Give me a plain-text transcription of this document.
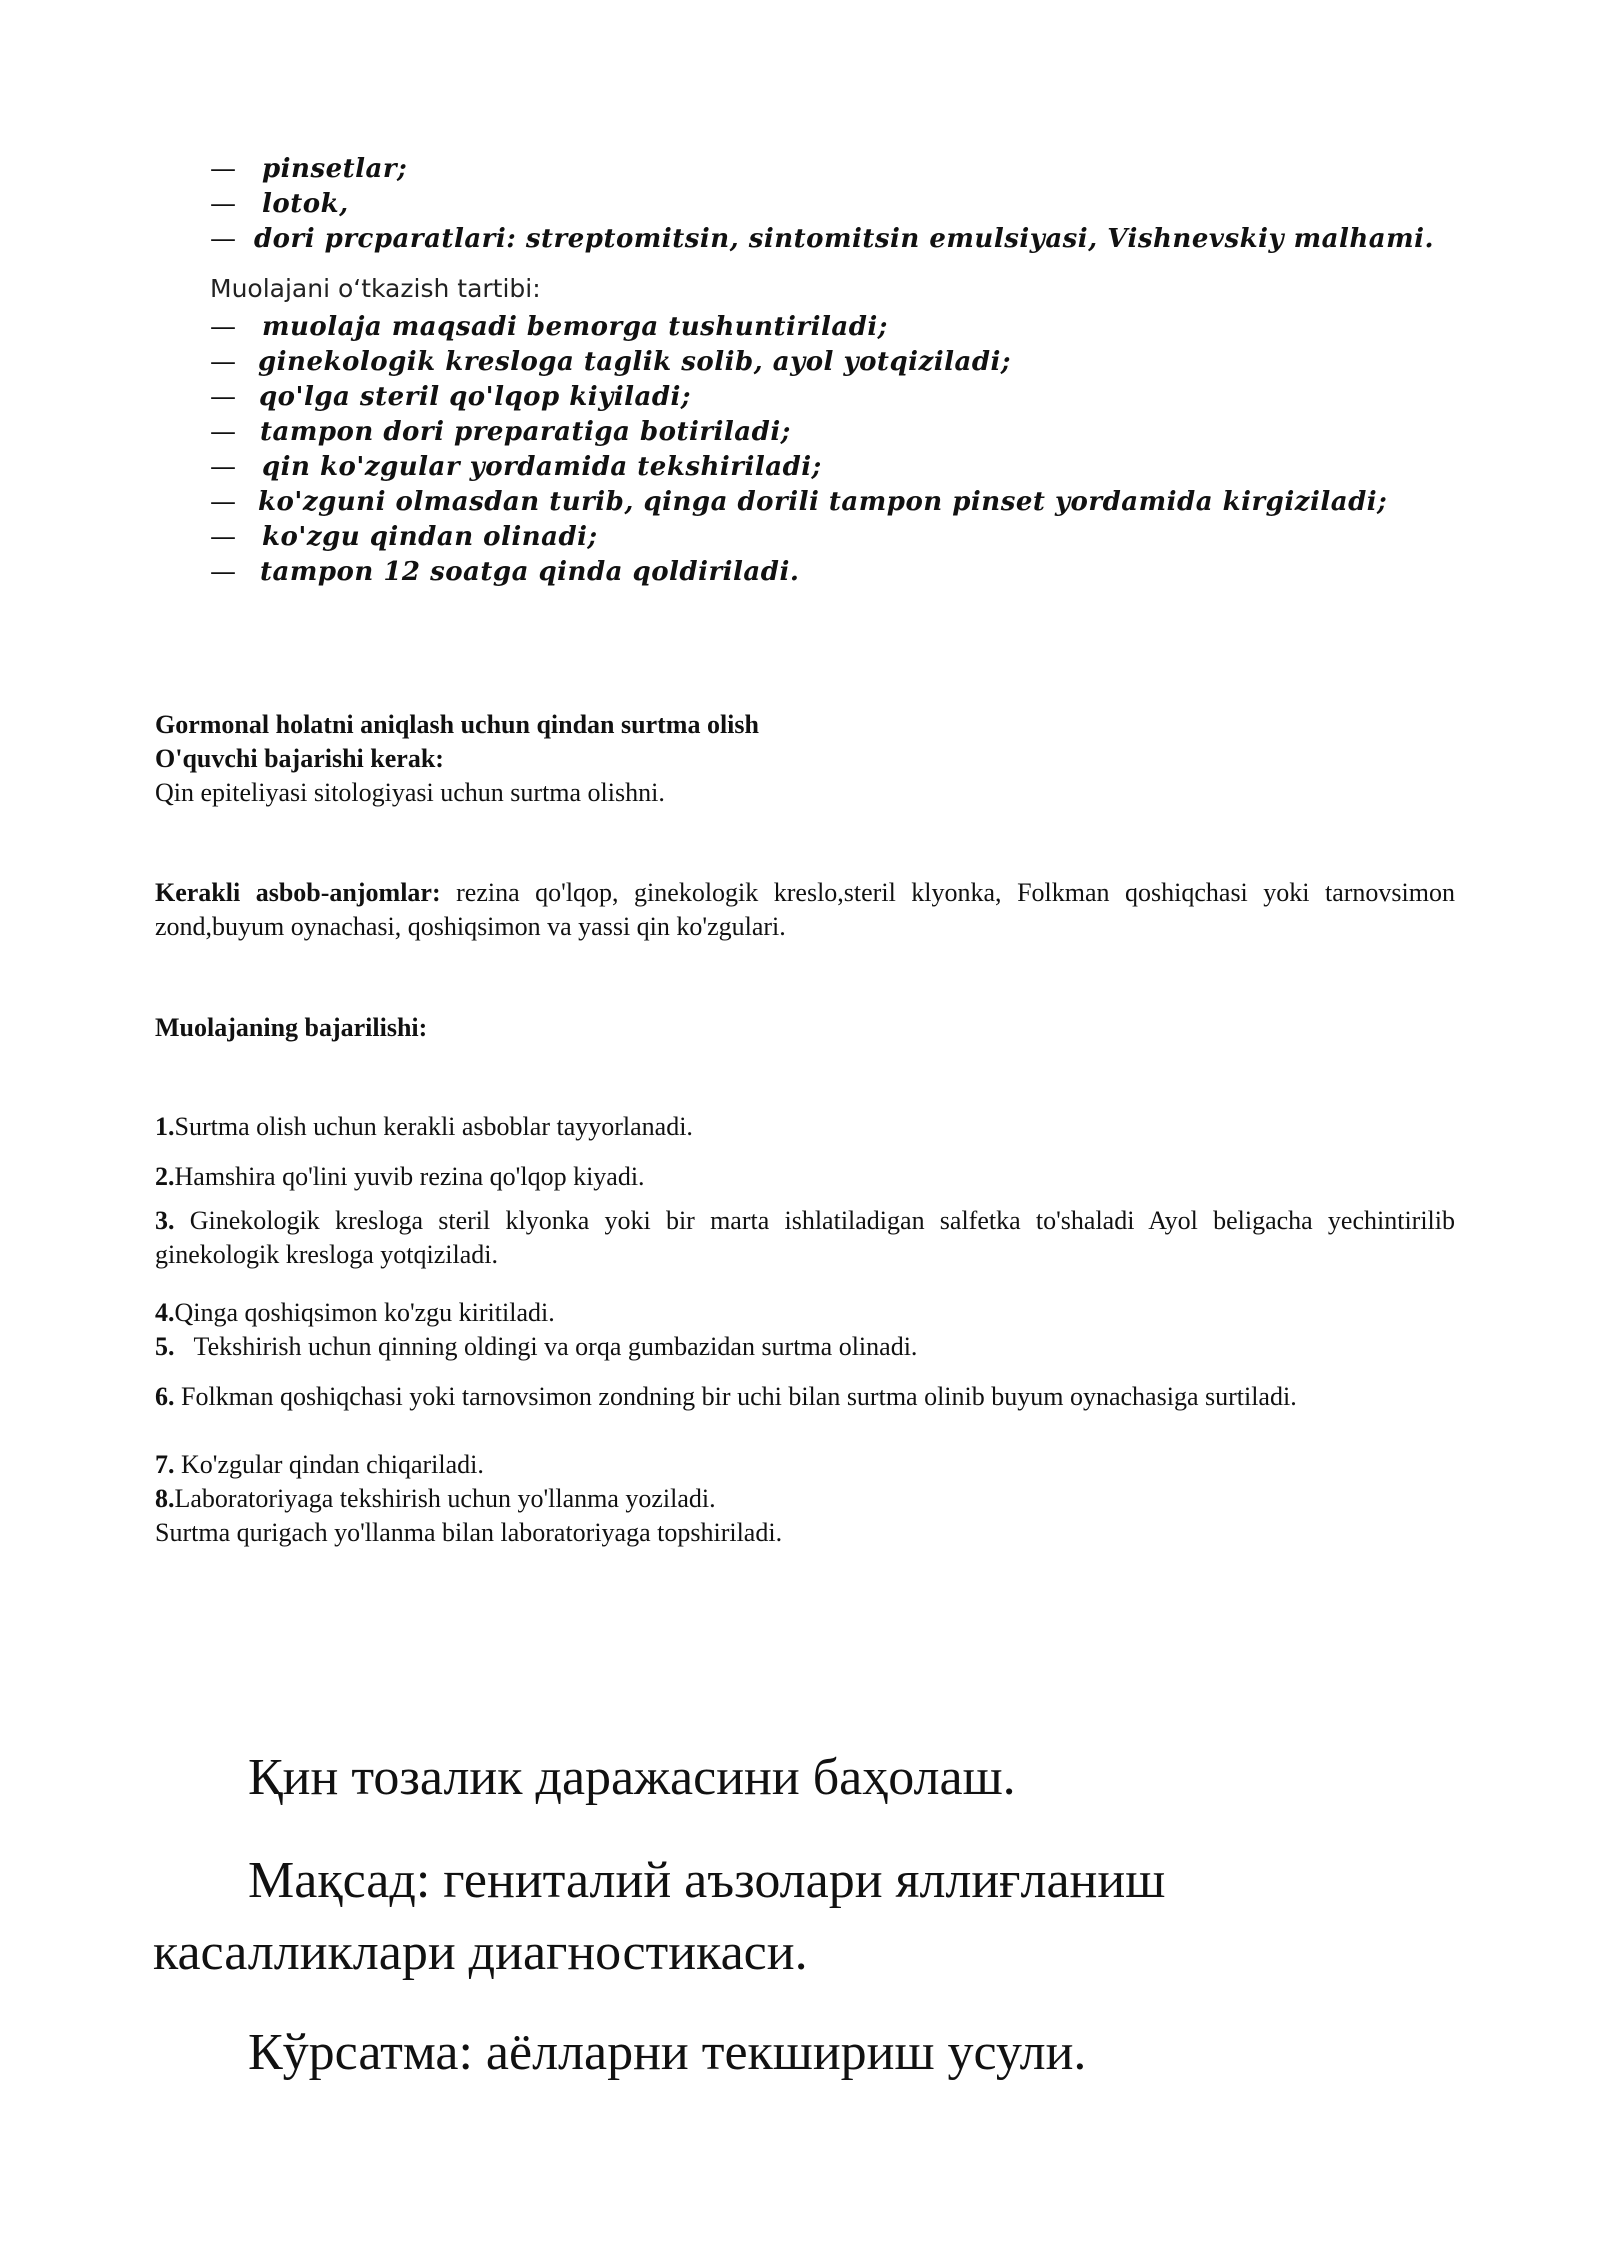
— pinsetlar;
— lotok,
— dori prcparatlari: streptomitsin, sintomitsin emulsiyasi, Vishnevskiy malhami.
Muolajani oʻtkazish tartibi:
— muolaja maqsadi bemorga tushuntiriladi;
— ginekologik kresloga taglik solib, ayol yotqiziladi;
— qo'lga steril qo'lqop kiyiladi;
— tampon dori preparatiga botiriladi;
— qin ko'zgular yordamida tekshiriladi;
— ko'zguni olmasdan turib, qinga dorili tampon pinset yordamida kirgiziladi;
— ko'zgu qindan olinadi;
— tampon 12 soatga qinda qoldiriladi.
Gormonal holatni aniqlash uchun qindan surtma olish
O'quvchi bajarishi kerak:
Qin epiteliyasi sitologiyasi uchun surtma olishni.
Kerakli asbob-anjomlar: rezina qo'lqop, ginekologik kreslo,steril klyonka, Folkman qoshiqchasi yoki tarnovsimon zond,buyum oynachasi, qoshiqsimon va yassi qin ko'zgulari.
Muolajaning bajarilishi:
1.Surtma olish uchun kerakli asboblar tayyorlanadi.
2.Hamshira qo'lini yuvib rezina qo'lqop kiyadi.
3. Ginekologik kresloga steril klyonka yoki bir marta ishlatiladigan salfetka to'shaladi Ayol beligacha yechintirilib ginekologik kresloga yotqiziladi.
4.Qinga qoshiqsimon ko'zgu kiritiladi.
5.   Tekshirish uchun qinning oldingi va orqa gumbazidan surtma olinadi.
6. Folkman qoshiqchasi yoki tarnovsimon zondning bir uchi bilan surtma olinib buyum oynachasiga surtiladi.
7. Ko'zgular qindan chiqariladi.
8.Laboratoriyaga tekshirish uchun yo'llanma yoziladi.
Surtma qurigach yo'llanma bilan laboratoriyaga topshiriladi.
Қин тозалик даражасини баҳолаш.
Мақсад: гениталий аъзолари яллиғланиш
касалликлари диагностикаси.
Кўрсатма: аёлларни текшириш усули.
